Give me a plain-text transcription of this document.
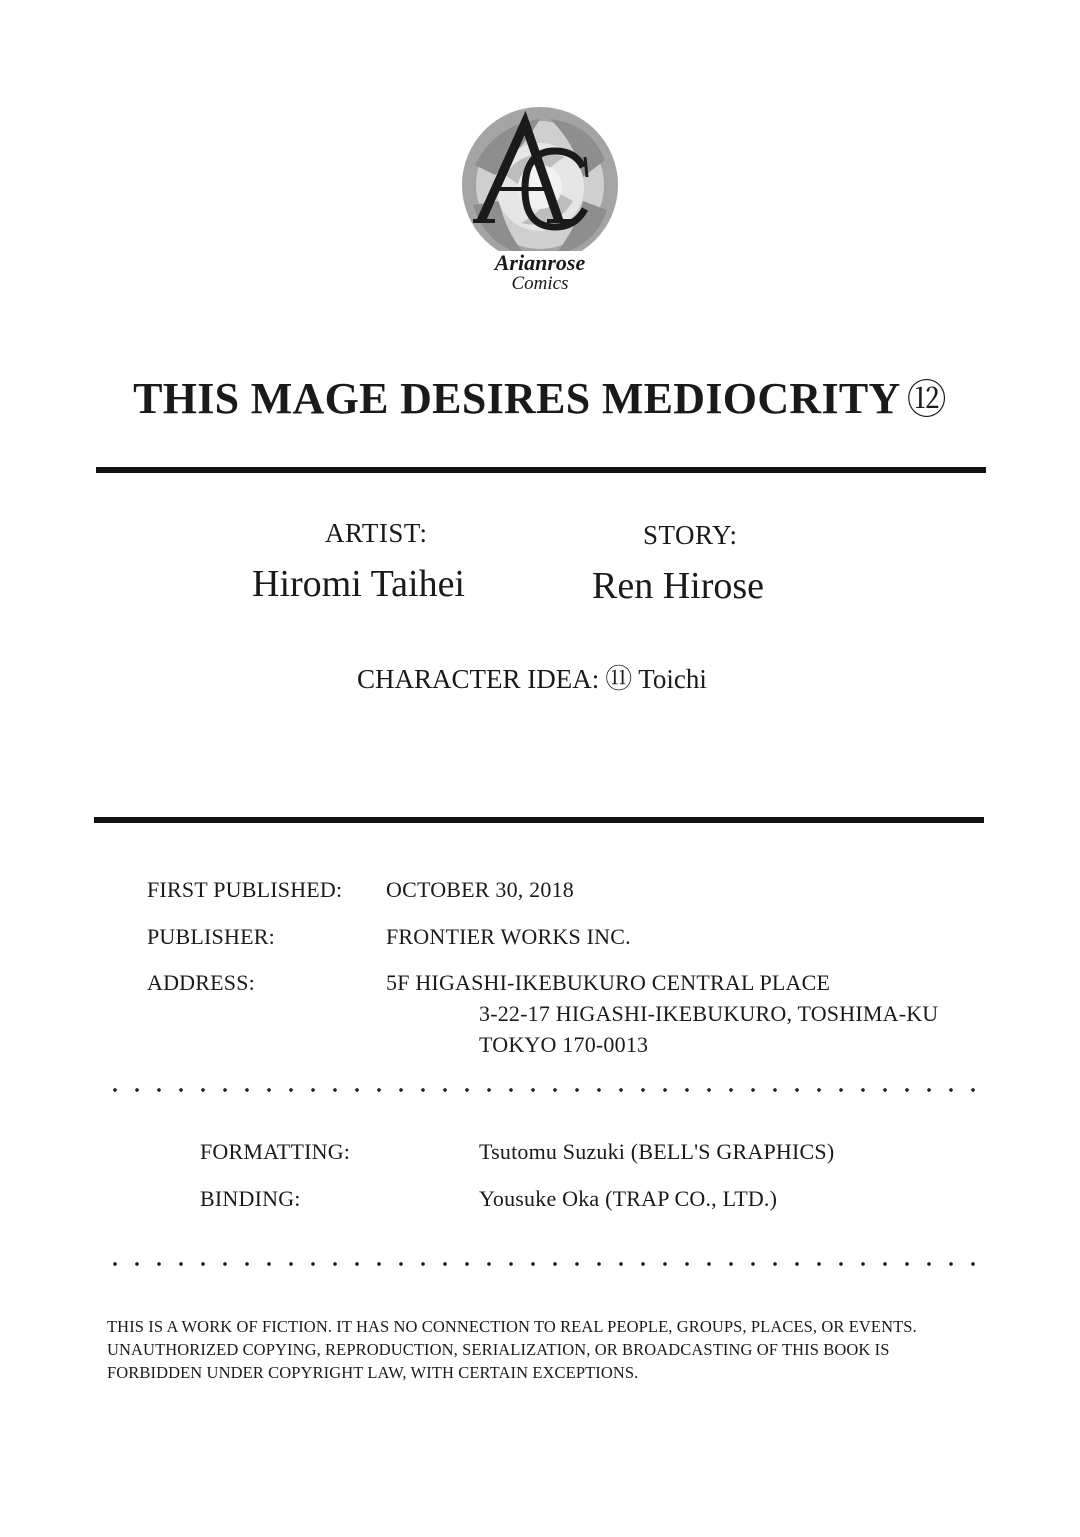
Arianrose
Comics
THIS MAGE DESIRES MEDIOCRITY ⑫
ARTIST:	STORY:
Hiromi Taihei	Ren Hirose
CHARACTER IDEA: ⑪ Toichi
FIRST PUBLISHED: OCTOBER 30, 2018
PUBLISHER:	FRONTIER WORKS INC.
ADDRESS:	5F HIGASHI-IKEBUKURO CENTRAL PLACE
3-22-17 HIGASHI-IKEBUKURO, TOSHIMA-KU
TOKYO 170-0013
FORMATTING:	Tsutomu Suzuki (BELL'S GRAPHICS)
BINDING:	Yousuke Oka (TRAP CO., LTD.)
THIS IS A WORK OF FICTION. IT HAS NO CONNECTION TO REAL PEOPLE, GROUPS, PLACES, OR EVENTS.
UNAUTHORIZED COPYING, REPRODUCTION, SERIALIZATION, OR BROADCASTING OF THIS BOOK IS
FORBIDDEN UNDER COPYRIGHT LAW, WITH CERTAIN EXCEPTIONS.
